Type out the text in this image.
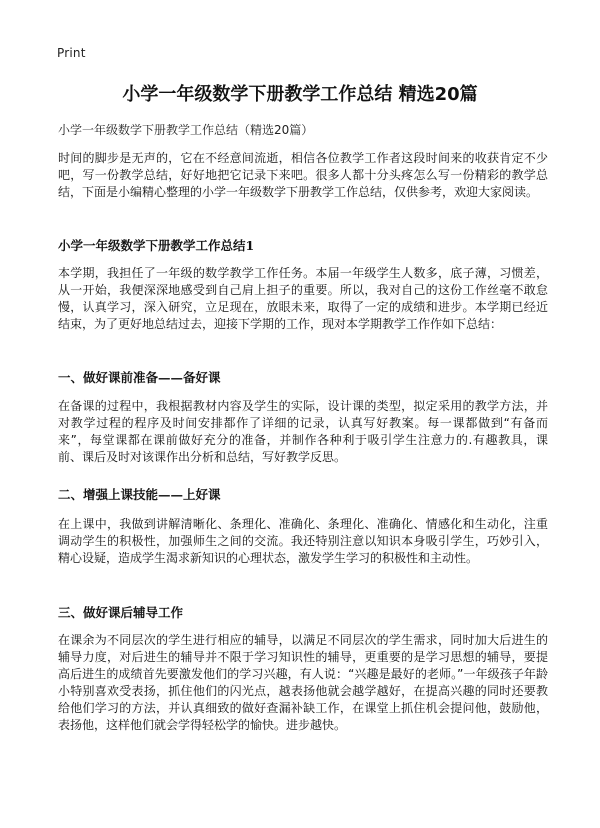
Print
小学一年级数学下册教学工作总结 精选20篇
小学一年级数学下册教学工作总结（精选20篇）

时间的脚步是无声的，它在不经意间流逝，相信各位教学工作者这段时间来的收获肯定不少吧，写一份教学总结，好好地把它记录下来吧。很多人都十分头疼怎么写一份精彩的教学总结，下面是小编精心整理的小学一年级数学下册教学工作总结，仅供参考，欢迎大家阅读。

小学一年级数学下册教学工作总结1

本学期，我担任了一年级的数学教学工作任务。本届一年级学生人数多，底子薄，习惯差，从一开始，我便深深地感受到自己肩上担子的重要。所以，我对自己的这份工作丝毫不敢怠慢，认真学习，深入研究，立足现在，放眼未来，取得了一定的成绩和进步。本学期已经近结束，为了更好地总结过去，迎接下学期的工作，现对本学期教学工作作如下总结：

一、做好课前准备——备好课

在备课的过程中，我根据教材内容及学生的实际，设计课的类型，拟定采用的教学方法，并对教学过程的程序及时间安排都作了详细的记录，认真写好教案。每一课都做到“有备而来”，每堂课都在课前做好充分的准备，并制作各种利于吸引学生注意力的.有趣教具，课前、课后及时对该课作出分析和总结，写好教学反思。

二、增强上课技能——上好课

在上课中，我做到讲解清晰化、条理化、准确化、条理化、准确化、情感化和生动化，注重调动学生的积极性，加强师生之间的交流。我还特别注意以知识本身吸引学生，巧妙引入，精心设疑，造成学生渴求新知识的心理状态，激发学生学习的积极性和主动性。

三、做好课后辅导工作

在课余为不同层次的学生进行相应的辅导，以满足不同层次的学生需求，同时加大后进生的辅导力度，对后进生的辅导并不限于学习知识性的辅导，更重要的是学习思想的辅导，要提高后进生的成绩首先要激发他们的学习兴趣，有人说：“兴趣是最好的老师。”一年级孩子年龄小特别喜欢受表扬，抓住他们的闪光点，越表扬他就会越学越好，在提高兴趣的同时还要教给他们学习的方法，并认真细致的做好查漏补缺工作，在课堂上抓住机会提问他，鼓励他，表扬他，这样他们就会学得轻松学的愉快。进步越快。
